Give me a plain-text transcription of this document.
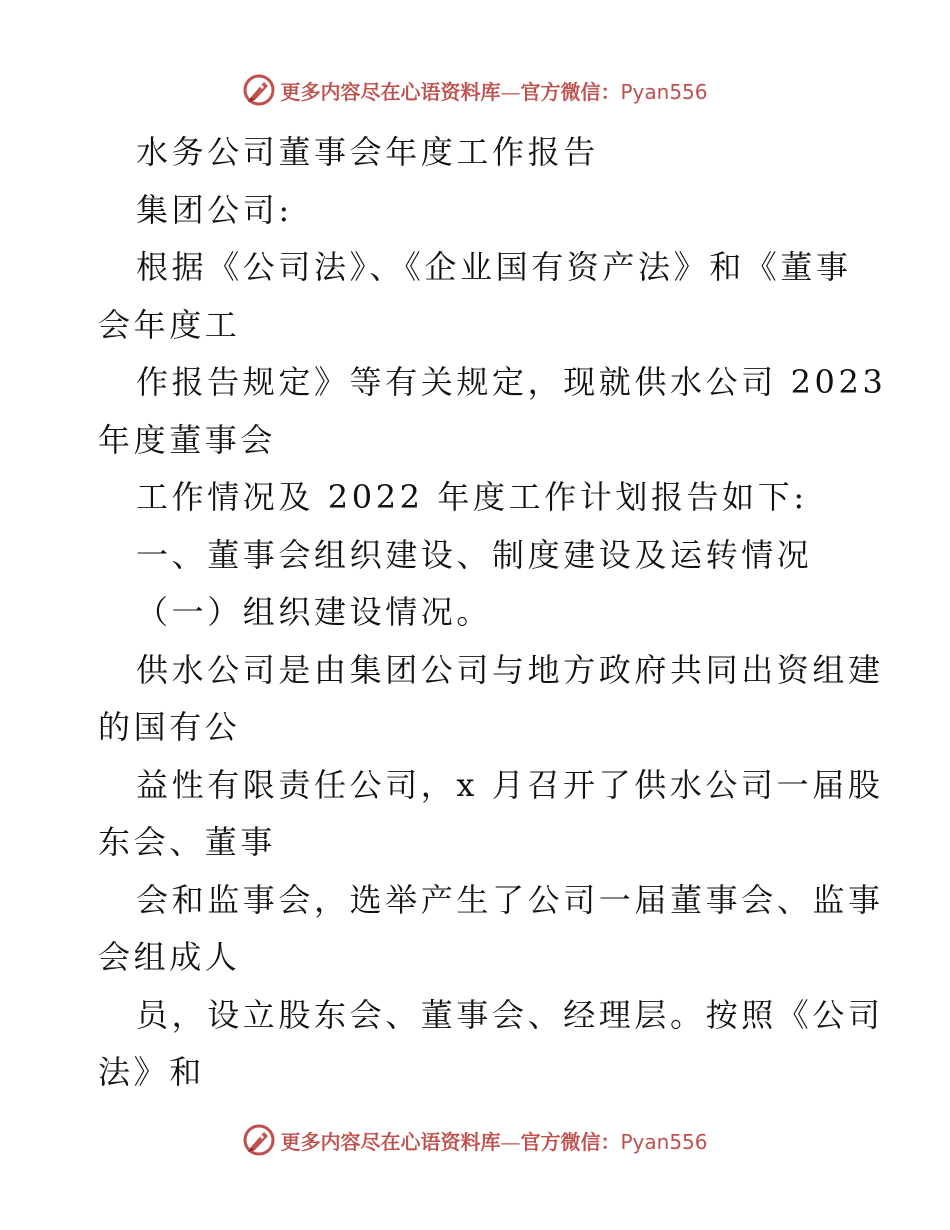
更多内容尽在心语资料库—官方微信：Pyan556
水务公司董事会年度工作报告
集团公司:
根据《公司法》、《企业国有资产法》和《董事
会年度工
作报告规定》等有关规定，现就供水公司 2023
年度董事会
工作情况及 2022 年度工作计划报告如下:
一、董事会组织建设、制度建设及运转情况
（一）组织建设情况。
供水公司是由集团公司与地方政府共同出资组建
的国有公
益性有限责任公司，x 月召开了供水公司一届股
东会、董事
会和监事会，选举产生了公司一届董事会、监事
会组成人
员，设立股东会、董事会、经理层。按照《公司
法》和
更多内容尽在心语资料库—官方微信：Pyan556
